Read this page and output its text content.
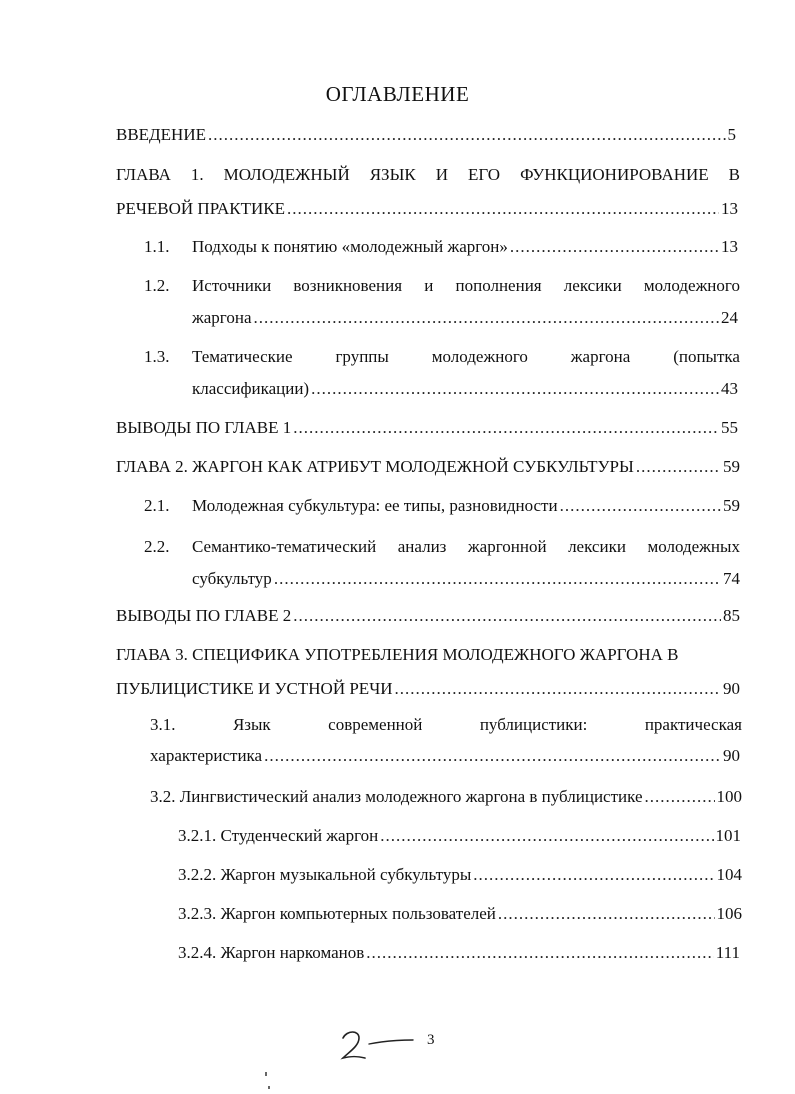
ОГЛАВЛЕНИЕ
ВВЕДЕНИЕ .....	5
ГЛАВА 1. МОЛОДЕЖНЫЙ ЯЗЫК И ЕГО ФУНКЦИОНИРОВАНИЕ В
РЕЧЕВОЙ ПРАКТИКЕ .....	13
1.1. Подходы к понятию «молодежный жаргон» .....	13
1.2. Источники возникновения и пополнения лексики молодежного
жаргона .....	24
1.3. Тематические	группы	молодежного	жаргона	(попытка
классификации) .....	43
ВЫВОДЫ ПО ГЛАВЕ 1 .....	55
ГЛАВА 2. ЖАРГОН КАК АТРИБУТ МОЛОДЕЖНОЙ СУБКУЛЬТУРЫ .....	59
2.1. Молодежная субкультура: ее типы, разновидности .....	59
2.2. Семантико-тематический анализ жаргонной лексики молодежных
субкультур .....	74
ВЫВОДЫ ПО ГЛАВЕ 2 .....	85
ГЛАВА 3. СПЕЦИФИКА УПОТРЕБЛЕНИЯ МОЛОДЕЖНОГО ЖАРГОНА В
ПУБЛИЦИСТИКЕ И УСТНОЙ РЕЧИ .....	90
3.1.	Язык	современной	публицистики:	практическая
характеристика .....	90
3.2. Лингвистический анализ молодежного жаргона в публицистике .....	100
3.2.1. Студенческий жаргон .....	101
3.2.2. Жаргон музыкальной субкультуры .....	104
3.2.3. Жаргон компьютерных пользователей .....	106
3.2.4. Жаргон наркоманов .....	111
3
